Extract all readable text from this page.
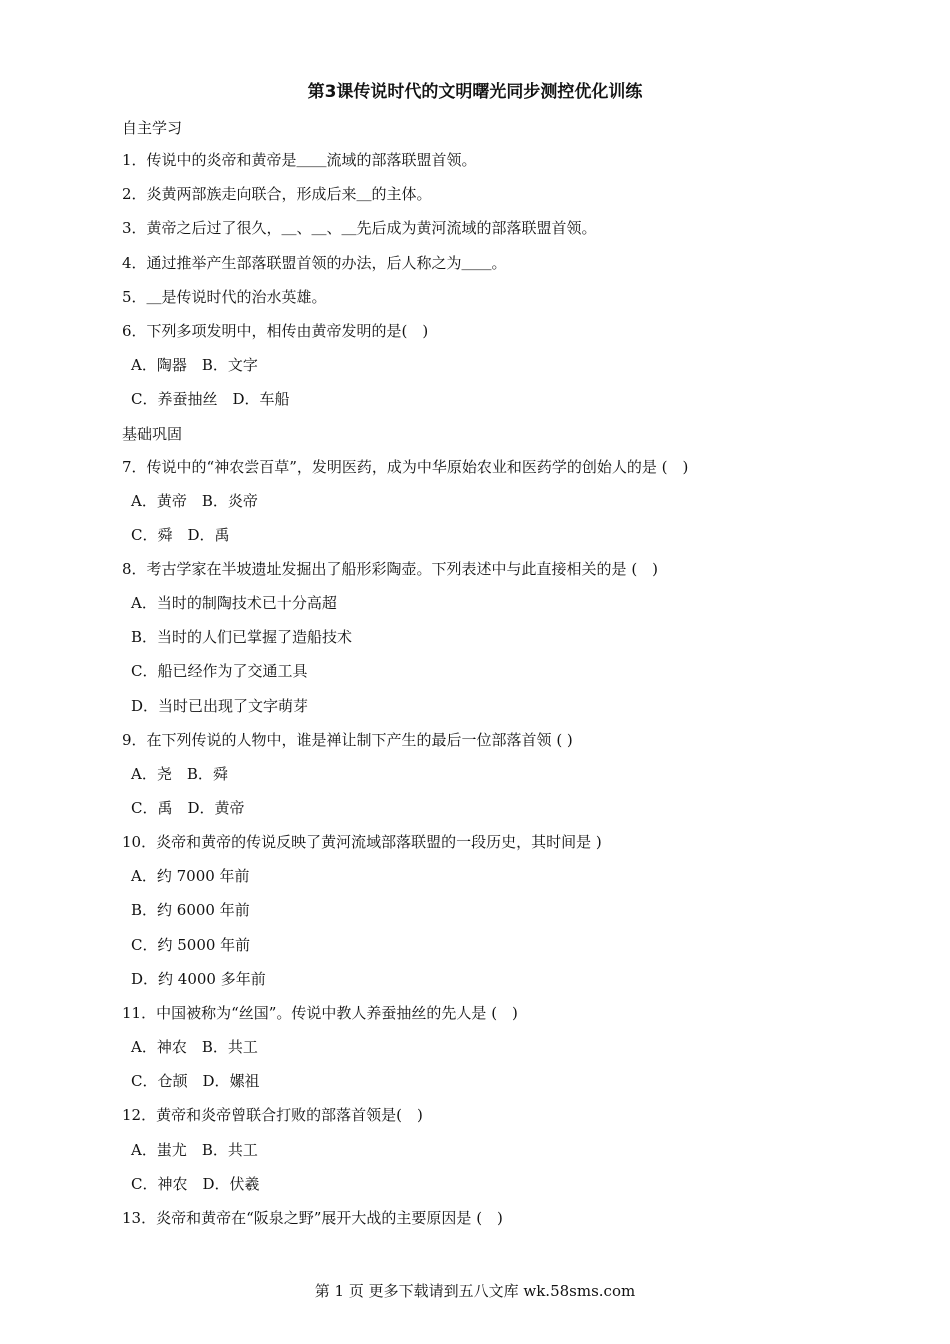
第3课传说时代的文明曙光同步测控优化训练
自主学习
1．传说中的炎帝和黄帝是＿＿流域的部落联盟首领。
2．炎黄两部族走向联合，形成后来＿的主体。
3．黄帝之后过了很久，＿、＿、＿先后成为黄河流域的部落联盟首领。
4．通过推举产生部落联盟首领的办法，后人称之为＿＿。
5．＿是传说时代的治水英雄。
6．下列多项发明中，相传由黄帝发明的是(　)
A．陶器　B．文字
C．养蚕抽丝　D．车船
基础巩固
7．传说中的“神农尝百草”，发明医药，成为中华原始农业和医药学的创始人的是 (　)
A．黄帝　B．炎帝
C．舜　D．禹
8．考古学家在半坡遗址发掘出了船形彩陶壶。下列表述中与此直接相关的是 (　)
A．当时的制陶技术已十分高超
B．当时的人们已掌握了造船技术
C．船已经作为了交通工具
D．当时已出现了文字萌芽
9．在下列传说的人物中，谁是禅让制下产生的最后一位部落首领 ( )
A．尧　B．舜
C．禹　D．黄帝
10．炎帝和黄帝的传说反映了黄河流域部落联盟的一段历史，其时间是 )
A．约 7000 年前
B．约 6000 年前
C．约 5000 年前
D．约 4000 多年前
11．中国被称为“丝国”。传说中教人养蚕抽丝的先人是 (　)
A．神农　B．共工
C．仓颉　D．嫘祖
12．黄帝和炎帝曾联合打败的部落首领是(　)
A．蚩尤　B．共工
C．神农　D．伏羲
13．炎帝和黄帝在“阪泉之野”展开大战的主要原因是 (　)
第 1 页 更多下载请到五八文库 wk.58sms.com
